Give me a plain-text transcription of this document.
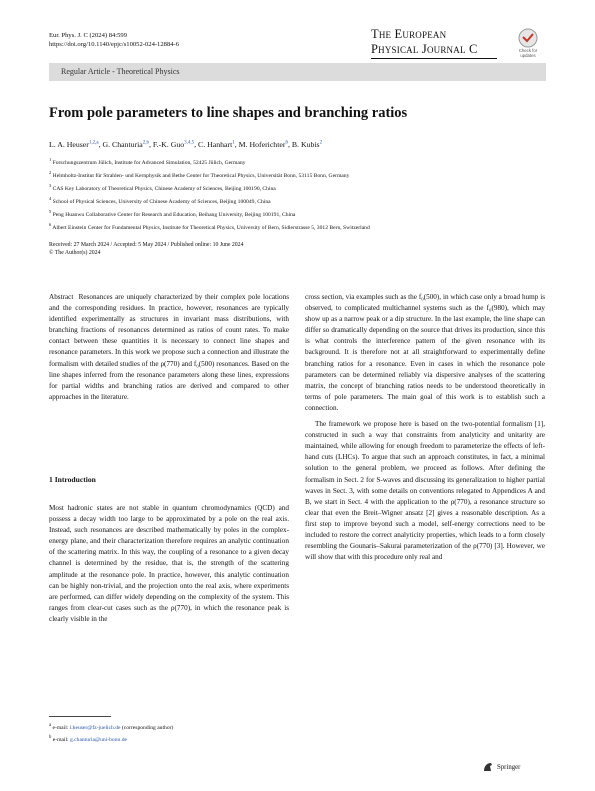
Eur. Phys. J. C (2024) 84:599
https://doi.org/10.1140/epjc/s10052-024-12884-6
The European
Physical Journal C	Check for
updates
Regular Article - Theoretical Physics
From pole parameters to line shapes and branching ratios
L. A. Heuser$^{1,2,a}$, G. Chanturia$^{2,b}$, F.-K. Guo$^{3,4,5}$, C. Hanhart$^1$, M. Hoferichter$^6$, B. Kubis$^2$
$^1$ Forschungszentrum Jülich, Institute for Advanced Simulation, 52425 Jülich, Germany
$^2$ Helmholtz-Institut für Strahlen- und Kernphysik and Bethe Center for Theoretical Physics, Universität Bonn, 53115 Bonn, Germany
$^3$ CAS Key Laboratory of Theoretical Physics, Chinese Academy of Sciences, Beijing 100190, China
$^4$ School of Physical Sciences, University of Chinese Academy of Sciences, Beijing 100049, China
$^5$ Peng Huanwu Collaborative Center for Research and Education, Beihang University, Beijing 100191, China
$^6$ Albert Einstein Center for Fundamental Physics, Institute for Theoretical Physics, University of Bern, Sidlerstrasse 5, 3012 Bern, Switzerland
Received: 27 March 2024 / Accepted: 5 May 2024 / Published online: 10 June 2024
© The Author(s) 2024

Abstract Resonances are uniquely characterized by their complex pole locations and the corresponding residues. In practice, however, resonances are typically identified experimentally as structures in invariant mass distributions, with branching fractions of resonances determined as ratios of count rates. To make contact between these quantities it is necessary to connect line shapes and resonance parameters. In this work we propose such a connection and illustrate the formalism with detailed studies of the ρ(770) and f₀(500) resonances. Based on the line shapes inferred from the resonance parameters along these lines, expressions for partial widths and branching ratios are derived and compared to other approaches in the literature.

1 Introduction

Most hadronic states are not stable in quantum chromodynamics (QCD) and possess a decay width too large to be approximated by a pole on the real axis. Instead, such resonances are described mathematically by poles in the complex-energy plane, and their characterization therefore requires an analytic continuation of the scattering matrix. In this way, the coupling of a resonance to a given decay channel is determined by the residue, that is, the strength of the scattering amplitude at the resonance pole. In practice, however, this analytic continuation can be highly non-trivial, and the projection onto the real axis, where experiments are performed, can differ widely depending on the complexity of the system. This ranges from clear-cut cases such as the ρ(770), in which the resonance peak is clearly visible in the

cross section, via examples such as the f₀(500), in which case only a broad hump is observed, to complicated multichannel systems such as the f₀(980), which may show up as a narrow peak or a dip structure. In the last example, the line shape can differ so dramatically depending on the source that drives its production, since this is what controls the interference pattern of the given resonance with its background. It is therefore not at all straightforward to experimentally define branching ratios for a resonance. Even in cases in which the resonance pole parameters can be determined reliably via dispersive analyses of the scattering matrix, the concept of branching ratios needs to be understood theoretically in terms of pole parameters. The main goal of this work is to establish such a connection.

The framework we propose here is based on the two-potential formalism [1], constructed in such a way that constraints from analyticity and unitarity are maintained, while allowing for enough freedom to parameterize the effects of left-hand cuts (LHCs). To argue that such an approach constitutes, in fact, a minimal solution to the general problem, we proceed as follows. After defining the formalism in Sect. 2 for S-waves and discussing its generalization to higher partial waves in Sect. 3, with some details on conventions relegated to Appendices A and B, we start in Sect. 4 with the application to the ρ(770), a resonance structure so clear that even the Breit–Wigner ansatz [2] gives a reasonable description. As a first step to improve beyond such a model, self-energy corrections need to be included to restore the correct analyticity properties, which leads to a form closely resembling the Gounaris–Sakurai parameterization of the ρ(770) [3]. However, we will show that with this procedure only real and

$^a$ e-mail: l.heuser@fz-juelich.de (corresponding author)
$^b$ e-mail: g.chanturia@uni-bonn.de
Springer
